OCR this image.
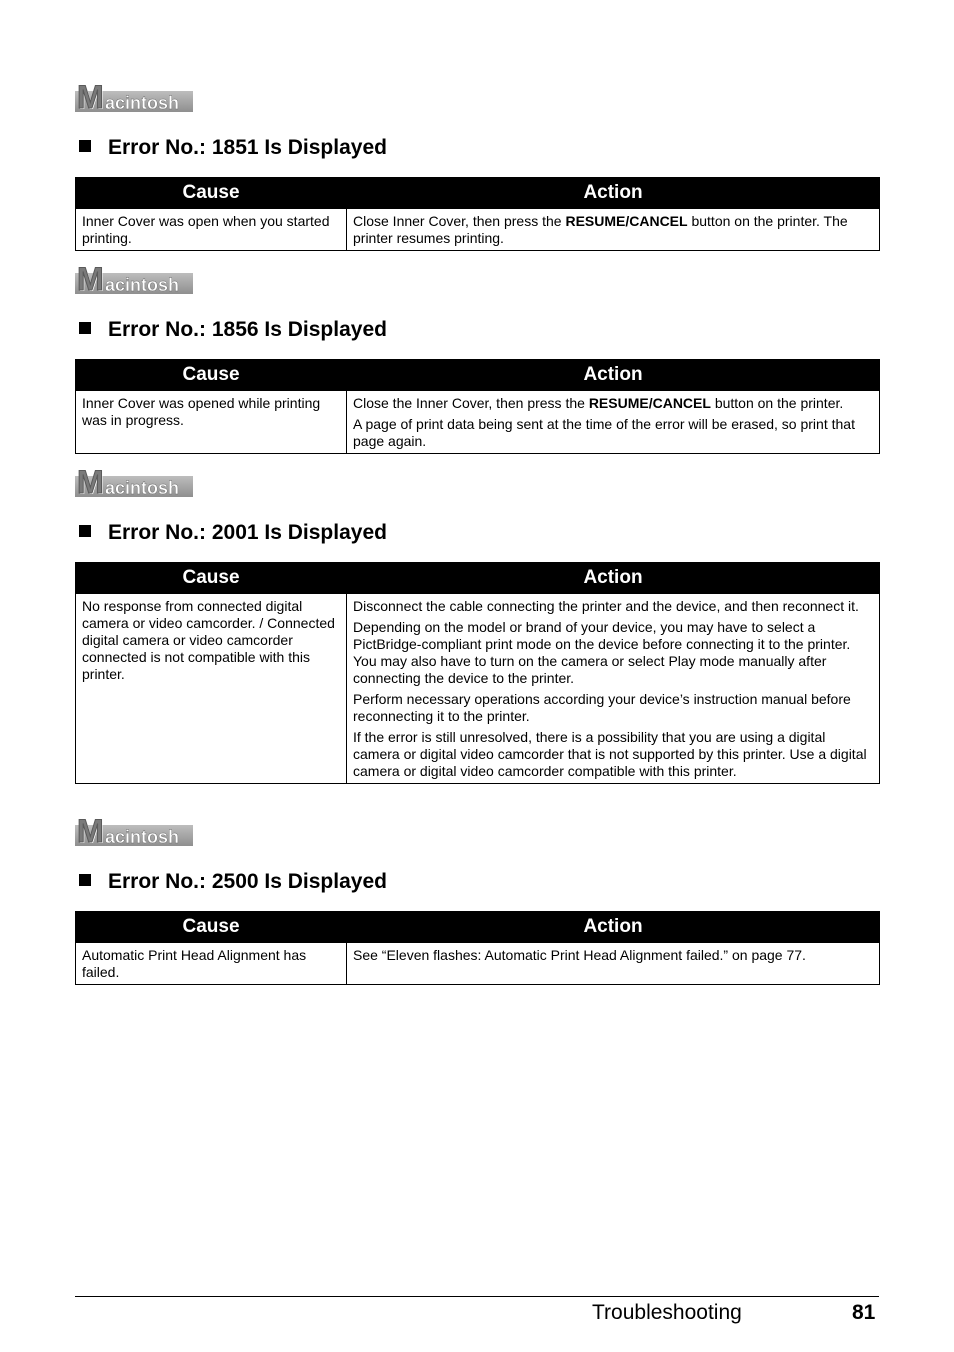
M acintosh
Error No.: 1851 Is Displayed
Cause	Action
Inner Cover was open when you started printing.	Close Inner Cover, then press the RESUME/CANCEL button on the printer. The printer resumes printing.

M acintosh
Error No.: 1856 Is Displayed
Cause	Action
Inner Cover was opened while printing was in progress.	Close the Inner Cover, then press the RESUME/CANCEL button on the printer.

A page of print data being sent at the time of the error will be erased, so print that page again.

M acintosh
Error No.: 2001 Is Displayed
Cause	Action
No response from connected digital camera or video camcorder. / Connected digital camera or video camcorder connected is not compatible with this printer.	Disconnect the cable connecting the printer and the device, and then reconnect it.

Depending on the model or brand of your device, you may have to select a PictBridge-compliant print mode on the device before connecting it to the printer. You may also have to turn on the camera or select Play mode manually after connecting the device to the printer.

Perform necessary operations according your device’s instruction manual before reconnecting it to the printer.

If the error is still unresolved, there is a possibility that you are using a digital camera or digital video camcorder that is not supported by this printer. Use a digital camera or digital video camcorder compatible with this printer.

M acintosh
Error No.: 2500 Is Displayed
Cause	Action
Automatic Print Head Alignment has failed.	See “Eleven flashes: Automatic Print Head Alignment failed.” on page 77.

Troubleshooting	81
